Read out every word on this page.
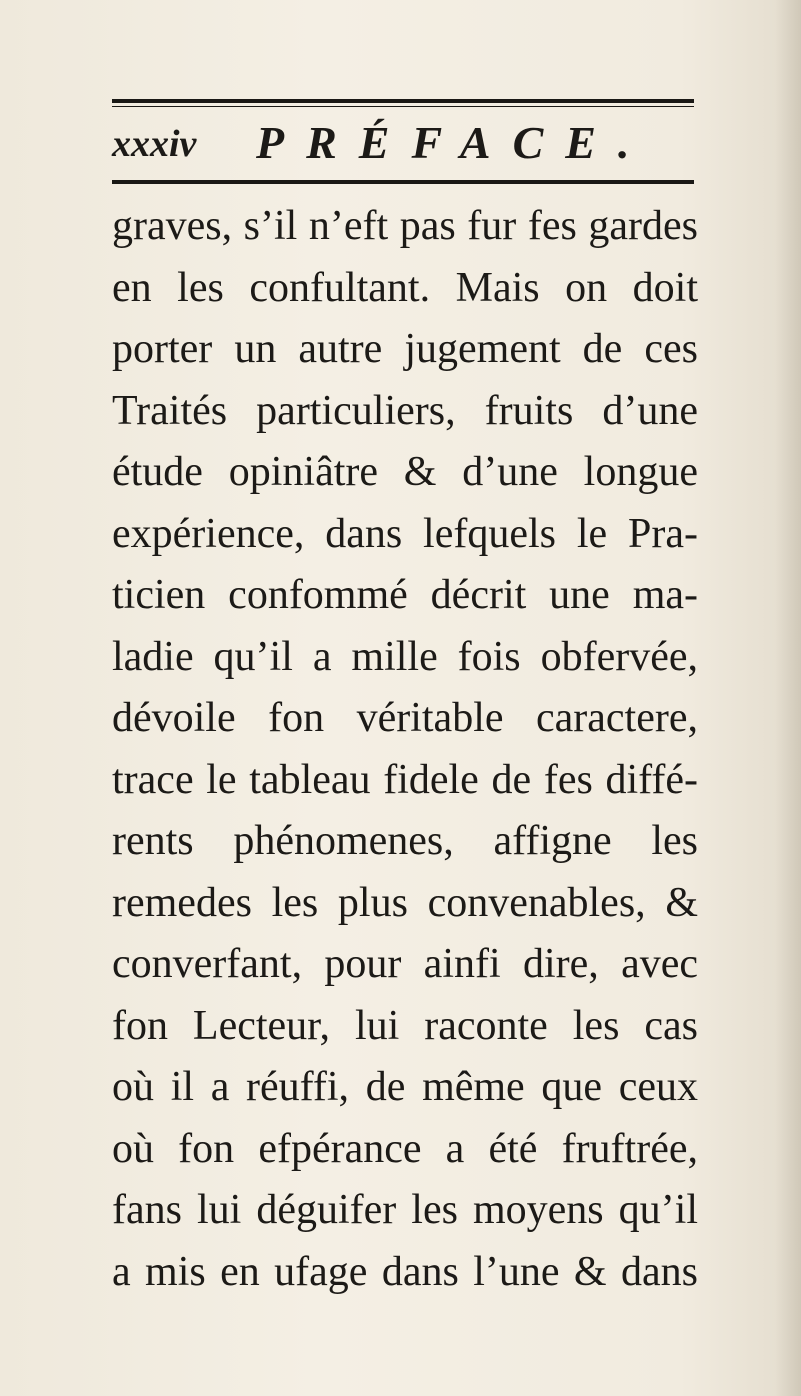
xxxiv PRÉFACE.
graves, s’il n’eft pas fur fes gardes
en les confultant. Mais on doit
porter un autre jugement de ces
Traités particuliers, fruits d’une
étude opiniâtre & d’une longue
expérience, dans lefquels le Pra-
ticien confommé décrit une ma-
ladie qu’il a mille fois obfervée,
dévoile fon véritable caractere,
trace le tableau fidele de fes diffé-
rents phénomenes, affigne les
remedes les plus convenables, &
converfant, pour ainfi dire, avec
fon Lecteur, lui raconte les cas
où il a réuffi, de même que ceux
où fon efpérance a été fruftrée,
fans lui déguifer les moyens qu’il
a mis en ufage dans l’une & dans
